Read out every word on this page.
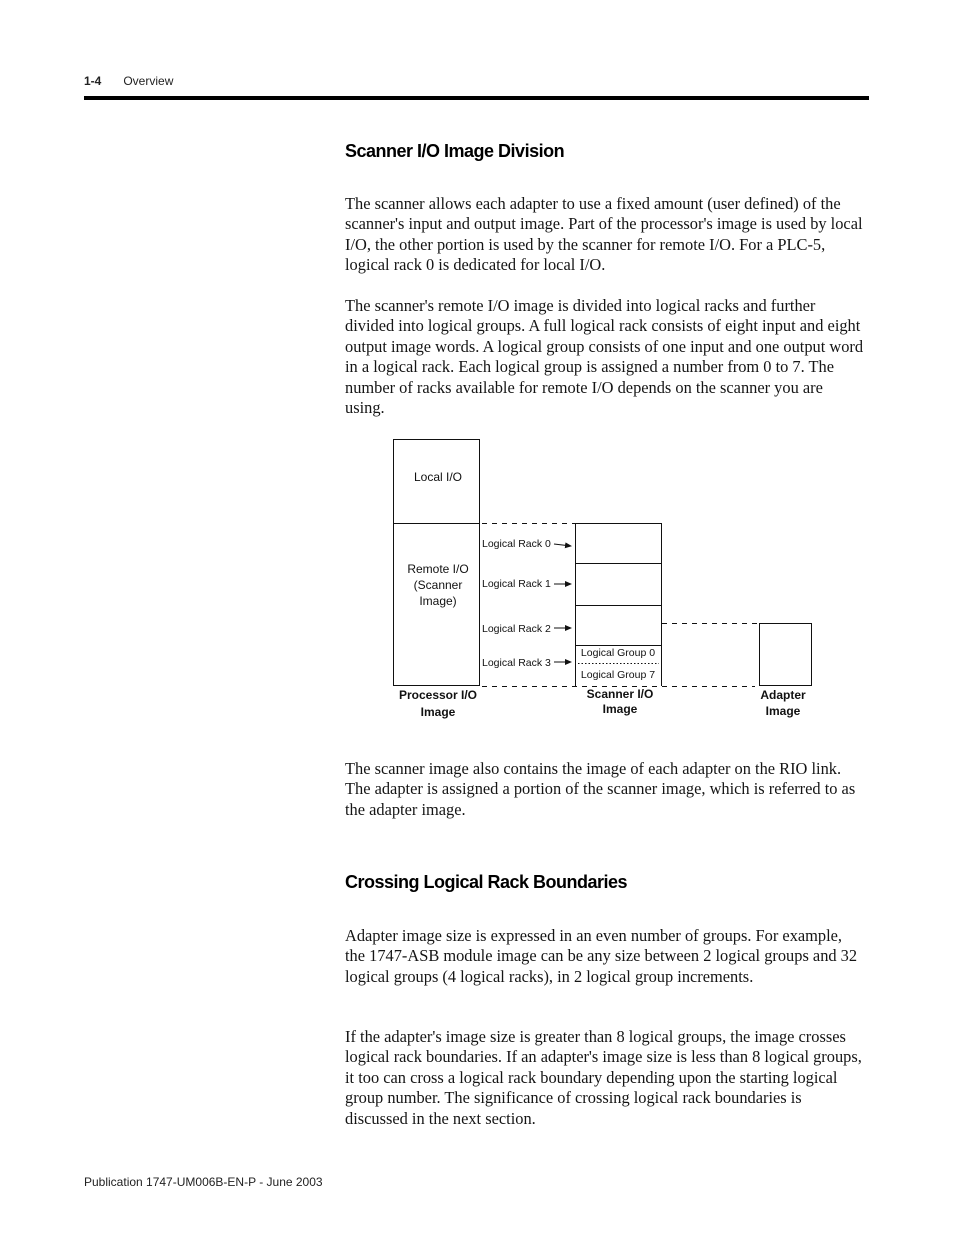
1-4 Overview
Scanner I/O Image Division

The scanner allows each adapter to use a fixed amount (user defined) of the scanner's input and output image. Part of the processor's image is used by local I/O, the other portion is used by the scanner for remote I/O. For a PLC-5, logical rack 0 is dedicated for local I/O.

The scanner's remote I/O image is divided into logical racks and further divided into logical groups. A full logical rack consists of eight input and eight output image words. A logical group consists of one input and one output word in a logical rack. Each logical group is assigned a number from 0 to 7. The number of racks available for remote I/O depends on the scanner you are using.

Local I/O
Remote I/O
(Scanner
Image)
Logical Group 0
Logical Group 7
Logical Rack 0
Logical Rack 1
Logical Rack 2
Logical Rack 3
Processor I/O
Image
Scanner I/O
Image
Adapter
Image

The scanner image also contains the image of each adapter on the RIO link. The adapter is assigned a portion of the scanner image, which is referred to as the adapter image.

Crossing Logical Rack Boundaries

Adapter image size is expressed in an even number of groups. For example, the 1747-ASB module image can be any size between 2 logical groups and 32 logical groups (4 logical racks), in 2 logical group increments.

If the adapter's image size is greater than 8 logical groups, the image crosses logical rack boundaries. If an adapter's image size is less than 8 logical groups, it too can cross a logical rack boundary depending upon the starting logical group number. The significance of crossing logical rack boundaries is discussed in the next section.

Publication 1747-UM006B-EN-P - June 2003
